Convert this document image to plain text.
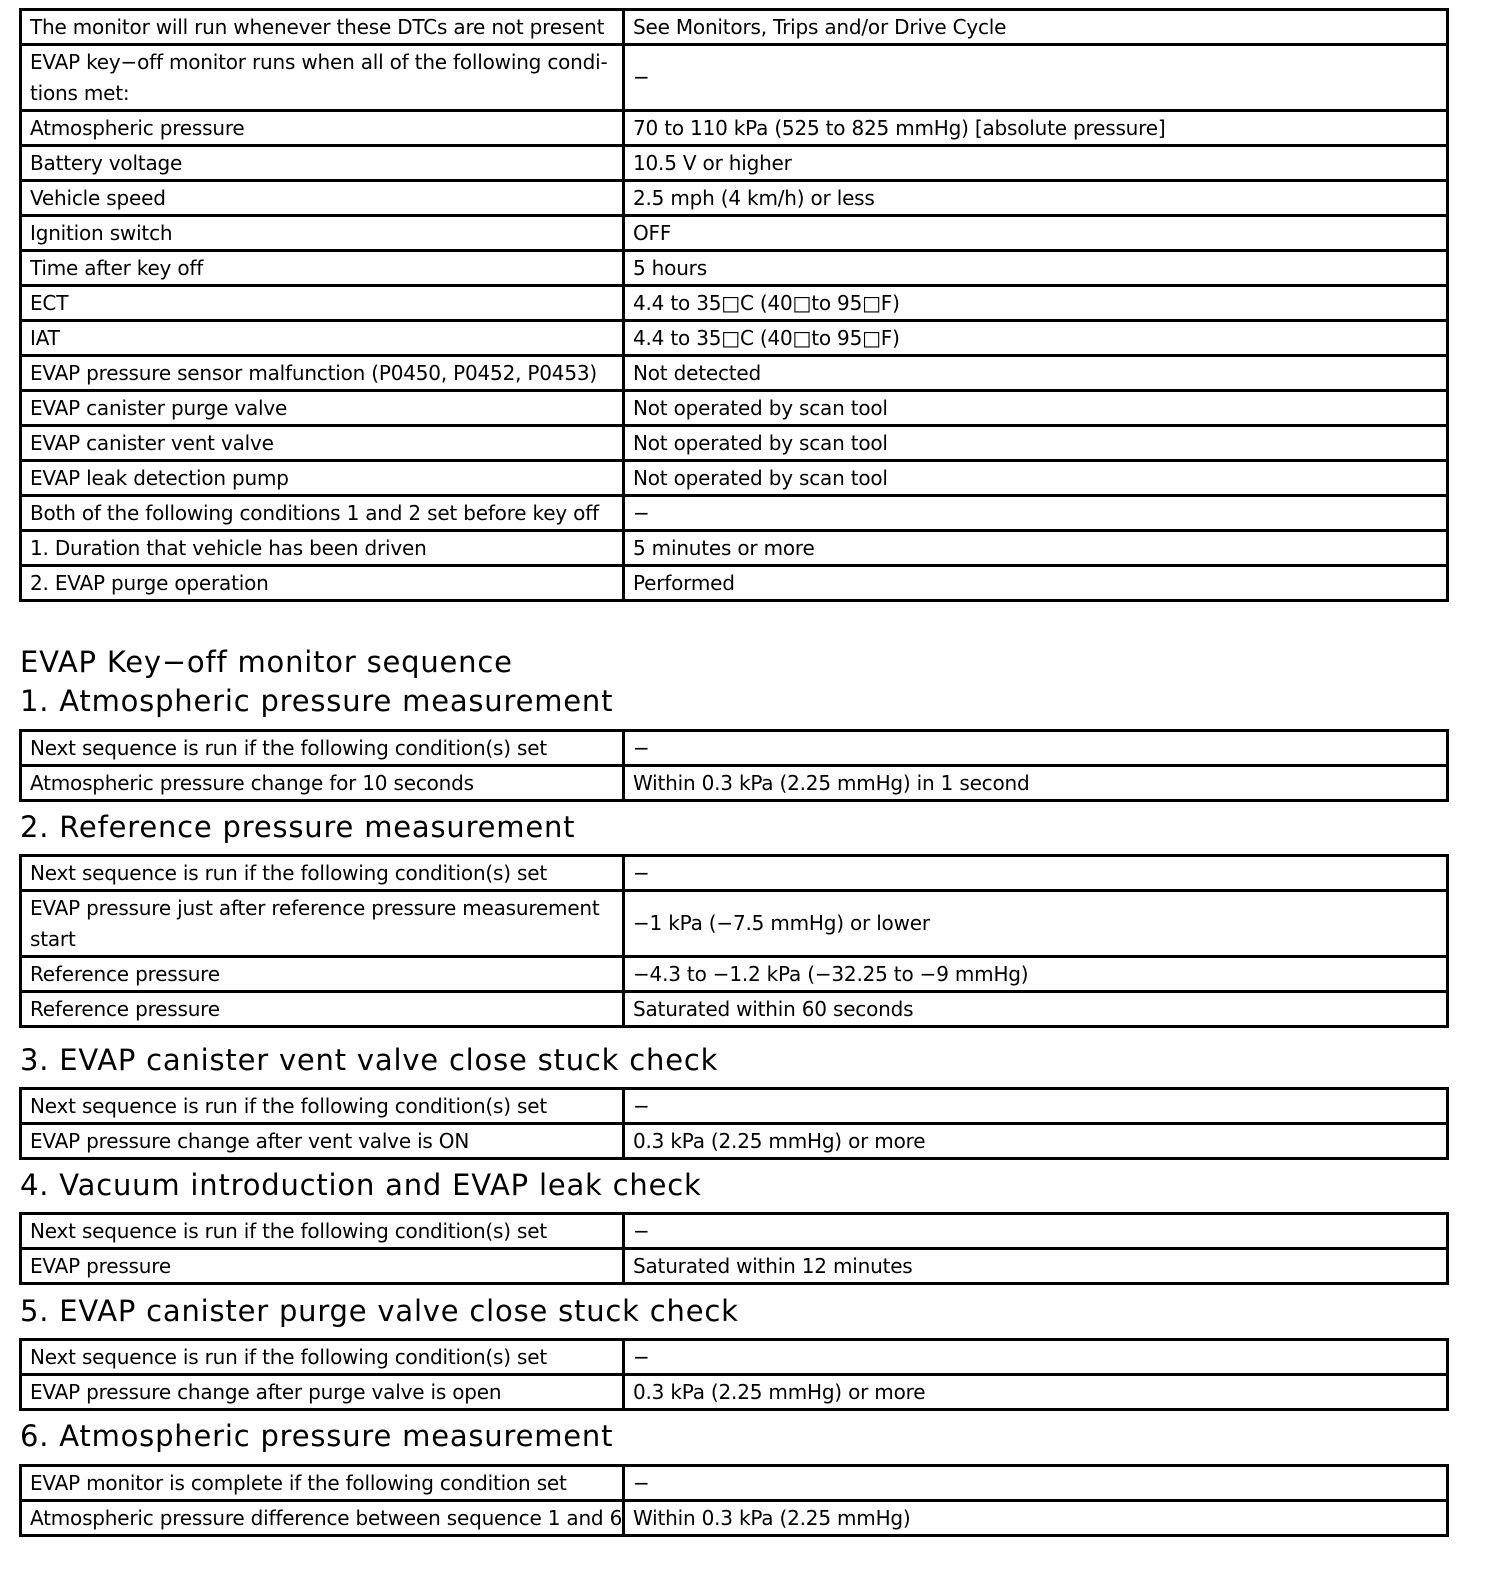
The monitor will run whenever these DTCs are not present	See Monitors, Trips and/or Drive Cycle
EVAP key−off monitor runs when all of the following condi-
tions met:	−
Atmospheric pressure	70 to 110 kPa (525 to 825 mmHg) [absolute pressure]
Battery voltage	10.5 V or higher
Vehicle speed	2.5 mph (4 km/h) or less
Ignition switch	OFF
Time after key off	5 hours
ECT	4.4 to 35□C (40□to 95□F)
IAT	4.4 to 35□C (40□to 95□F)
EVAP pressure sensor malfunction (P0450, P0452, P0453)	Not detected
EVAP canister purge valve	Not operated by scan tool
EVAP canister vent valve	Not operated by scan tool
EVAP leak detection pump	Not operated by scan tool
Both of the following conditions 1 and 2 set before key off	−
1. Duration that vehicle has been driven	5 minutes or more
2. EVAP purge operation	Performed
EVAP Key−off monitor sequence
1. Atmospheric pressure measurement
Next sequence is run if the following condition(s) set	−
Atmospheric pressure change for 10 seconds	Within 0.3 kPa (2.25 mmHg) in 1 second
2. Reference pressure measurement
Next sequence is run if the following condition(s) set	−
EVAP pressure just after reference pressure measurement start	−1 kPa (−7.5 mmHg) or lower
Reference pressure	−4.3 to −1.2 kPa (−32.25 to −9 mmHg)
Reference pressure	Saturated within 60 seconds
3. EVAP canister vent valve close stuck check
Next sequence is run if the following condition(s) set	−
EVAP pressure change after vent valve is ON	0.3 kPa (2.25 mmHg) or more
4. Vacuum introduction and EVAP leak check
Next sequence is run if the following condition(s) set	−
EVAP pressure	Saturated within 12 minutes
5. EVAP canister purge valve close stuck check
Next sequence is run if the following condition(s) set	−
EVAP pressure change after purge valve is open	0.3 kPa (2.25 mmHg) or more
6. Atmospheric pressure measurement
EVAP monitor is complete if the following condition set	−
Atmospheric pressure difference between sequence 1 and 6	Within 0.3 kPa (2.25 mmHg)
